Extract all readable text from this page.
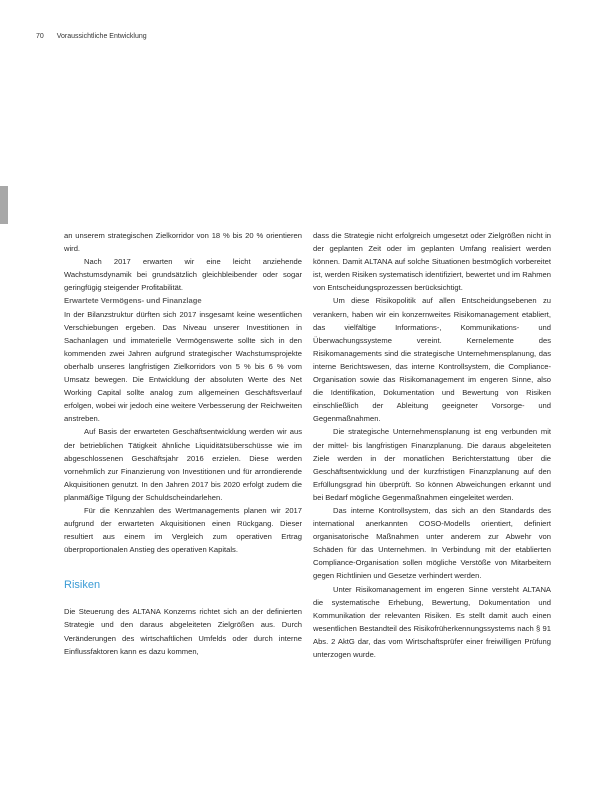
70 Voraussichtliche Entwicklung

an unserem strategischen Zielkorridor von 18 % bis 20 % orientieren wird.

Nach 2017 erwarten wir eine leicht anziehende Wachstumsdynamik bei grundsätzlich gleichbleibender oder sogar geringfügig steigender Profitabilität.

Erwartete Vermögens- und Finanzlage

In der Bilanzstruktur dürften sich 2017 insgesamt keine wesentlichen Verschiebungen ergeben. Das Niveau unserer Investitionen in Sachanlagen und immaterielle Vermögenswerte sollte sich in den kommenden zwei Jahren aufgrund strategischer Wachstumsprojekte oberhalb unseres langfristigen Zielkorridors von 5 % bis 6 % vom Umsatz bewegen. Die Entwicklung der absoluten Werte des Net Working Capital sollte analog zum allgemeinen Geschäftsverlauf erfolgen, wobei wir jedoch eine weitere Verbesserung der Reichweiten anstreben.

Auf Basis der erwarteten Geschäftsentwicklung werden wir aus der betrieblichen Tätigkeit ähnliche Liquiditätsüberschüsse wie im abgeschlossenen Geschäftsjahr 2016 erzielen. Diese werden vornehmlich zur Finanzierung von Investitionen und für arrondierende Akquisitionen genutzt. In den Jahren 2017 bis 2020 erfolgt zudem die planmäßige Tilgung der Schuldscheindarlehen.

Für die Kennzahlen des Wertmanagements planen wir 2017 aufgrund der erwarteten Akquisitionen einen Rückgang. Dieser resultiert aus einem im Vergleich zum operativen Ertrag überproportionalen Anstieg des operativen Kapitals.

Risiken

Die Steuerung des ALTANA Konzerns richtet sich an der definierten Strategie und den daraus abgeleiteten Zielgrößen aus. Durch Veränderungen des wirtschaftlichen Umfelds oder durch interne Einflussfaktoren kann es dazu kommen,

dass die Strategie nicht erfolgreich umgesetzt oder Zielgrößen nicht in der geplanten Zeit oder im geplanten Umfang realisiert werden können. Damit ALTANA auf solche Situationen bestmöglich vorbereitet ist, werden Risiken systematisch identifiziert, bewertet und im Rahmen von Entscheidungsprozessen berücksichtigt.

Um diese Risikopolitik auf allen Entscheidungsebenen zu verankern, haben wir ein konzernweites Risikomanagement etabliert, das vielfältige Informations-, Kommunikations- und Überwachungssysteme vereint. Kernelemente des Risikomanagements sind die strategische Unternehmensplanung, das interne Berichtswesen, das interne Kontrollsystem, die Compliance-Organisation sowie das Risikomanagement im engeren Sinne, also die Identifikation, Dokumentation und Bewertung von Risiken einschließlich der Ableitung geeigneter Vorsorge- und Gegenmaßnahmen.

Die strategische Unternehmensplanung ist eng verbunden mit der mittel- bis langfristigen Finanzplanung. Die daraus abgeleiteten Ziele werden in der monatlichen Berichterstattung über die Geschäftsentwicklung und der kurzfristigen Finanzplanung auf den Erfüllungsgrad hin überprüft. So können Abweichungen erkannt und bei Bedarf mögliche Gegenmaßnahmen eingeleitet werden.

Das interne Kontrollsystem, das sich an den Standards des international anerkannten COSO-Modells orientiert, definiert organisatorische Maßnahmen unter anderem zur Abwehr von Schäden für das Unternehmen. In Verbindung mit der etablierten Compliance-Organisation sollen mögliche Verstöße von Mitarbeitern gegen Richtlinien und Gesetze verhindert werden.

Unter Risikomanagement im engeren Sinne versteht ALTANA die systematische Erhebung, Bewertung, Dokumentation und Kommunikation der relevanten Risiken. Es stellt damit auch einen wesentlichen Bestandteil des Risikofrüherkennungssystems nach § 91 Abs. 2 AktG dar, das vom Wirtschaftsprüfer einer freiwilligen Prüfung unterzogen wurde.
